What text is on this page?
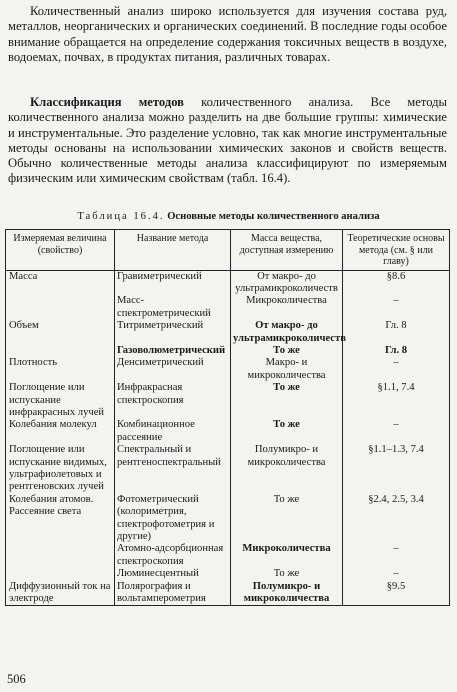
Количественный анализ широко используется для изучения состава руд, металлов, неорганических и органических соединений. В последние годы особое внимание обращается на определение содержания токсичных веществ в воздухе, водоемах, почвах, в продуктах питания, различных товарах.

Классификация методов количественного анализа. Все методы количественного анализа можно разделить на две большие группы: химические и инструментальные. Это разделение условно, так как многие инструментальные методы основаны на использовании химических законов и свойств веществ. Обычно количественные методы анализа классифицируют по измеряемым физическим или химическим свойствам (табл. 16.4).

Таблица 16.4. Основные методы количественного анализа
Измеряемая величина (свойство)	Название метода	Масса вещества, доступная измерению	Теоретические основы метода (см. § или главу)
Масса	Гравиметрический	От макро- до ультрамикроколичеств	§8.6
	Масс-спектрометрический	Микроколичества	–
Объем	Титриметрический	От макро- до ультрамикроколичеств	Гл. 8
	Газоволюметрический	То же	Гл. 8
Плотность	Денсиметрический	Макро- и микроколичества	–
Поглощение или испускание инфракрасных лучей	Инфракрасная спектроскопия	То же	§1.1, 7.4
Колебания молекул	Комбинационное рассеяние	То же	–
Поглощение или испускание видимых, ультрафиолетовых и рентгеновских лучей	Спектральный и рентгеноспектральный	Полумикро- и микроколичества	§1.1–1.3, 7.4
Колебания атомов. Рассеяние света	Фотометрический (колориметрия, спектрофотометрия и другие)	То же	§2.4, 2.5, 3.4
	Атомно-адсорбционная спектроскопия	Микроколичества	–
	Люминесцентный	То же	–
Диффузионный ток на электроде	Полярография и вольтамперометрия	Полумикро- и микроколичества	§9.5
506
